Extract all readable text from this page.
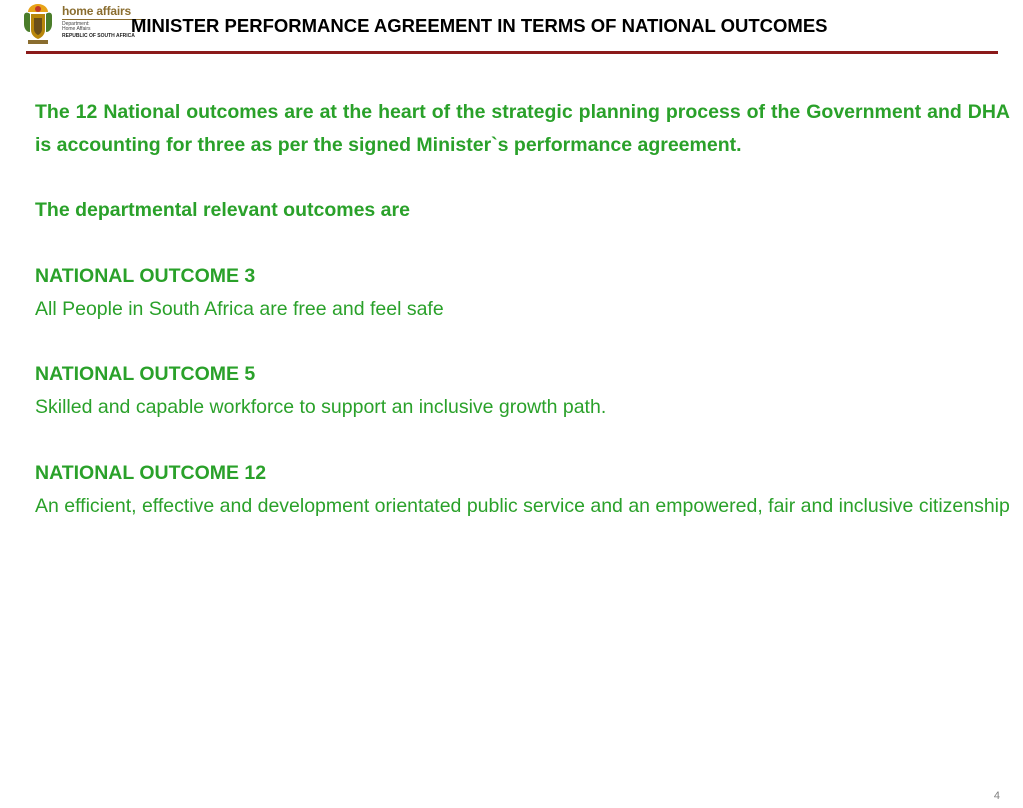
home affairs
Department:
Home Affairs
REPUBLIC OF SOUTH AFRICA
MINISTER PERFORMANCE AGREEMENT IN TERMS OF NATIONAL OUTCOMES

The 12 National outcomes are at the heart of the strategic planning process of the Government and DHA is accounting for three as per the signed Minister`s performance agreement.

The departmental relevant outcomes are

NATIONAL OUTCOME 3

All People in South Africa are free and feel safe

NATIONAL OUTCOME 5

Skilled and capable workforce to support an inclusive growth path.

NATIONAL OUTCOME 12

An efficient, effective and development orientated public service and an empowered, fair and inclusive citizenship

4
